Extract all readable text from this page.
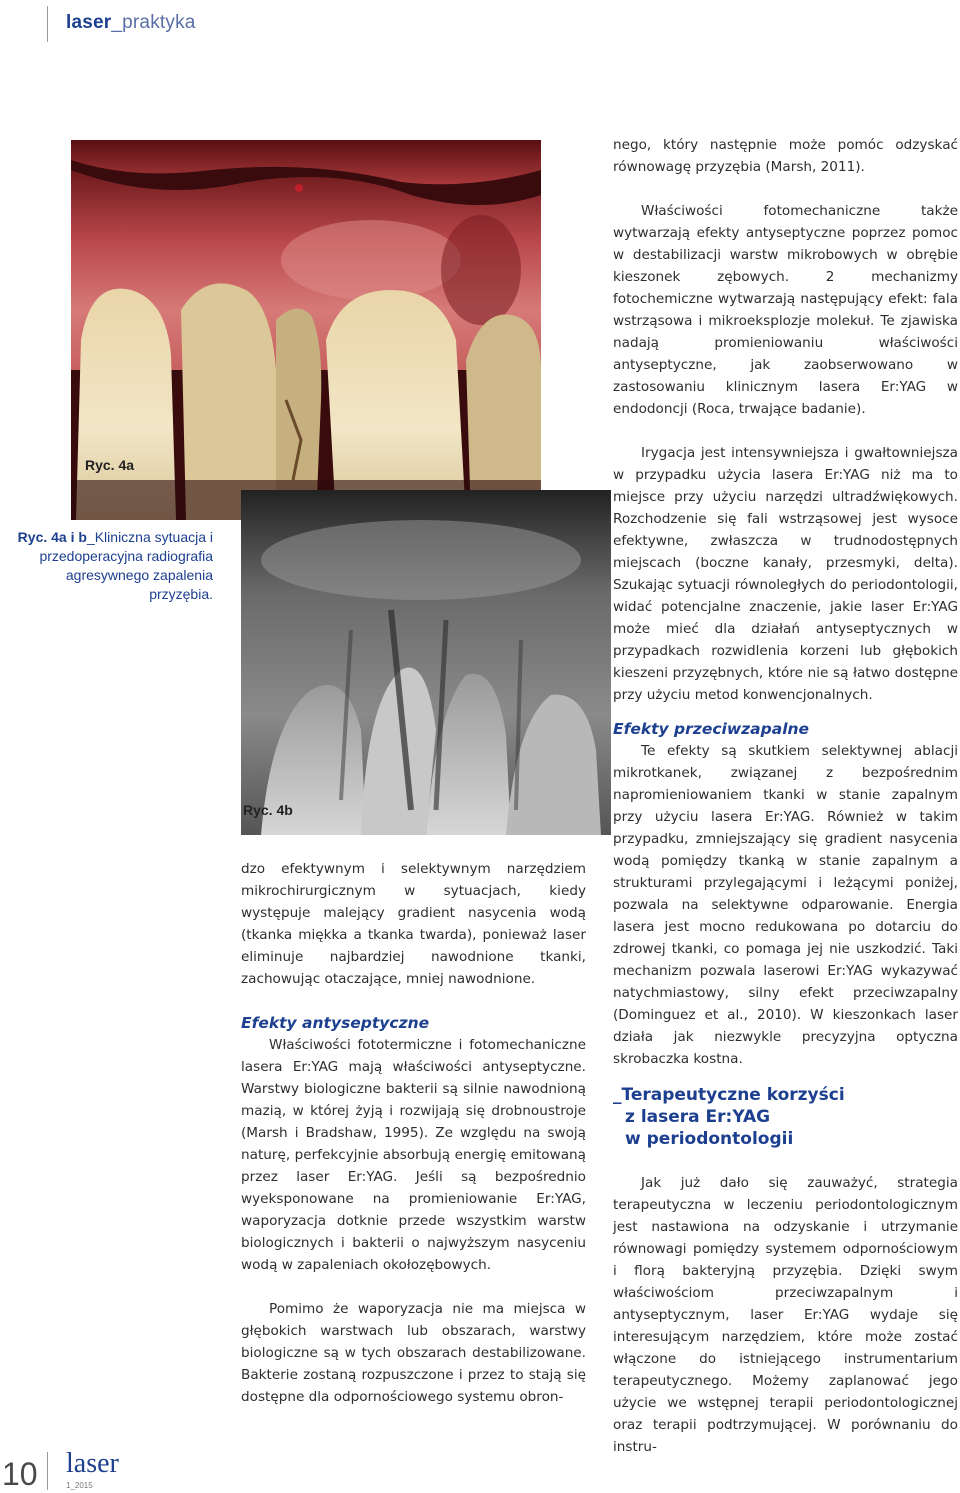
laser_praktyka
Ryc. 4a
Ryc. 4b
Ryc. 4a i b_Kliniczna sytuacja i przedoperacyjna radiografia agresywnego zapalenia przyzębia.

dzo efektywnym i selektywnym narzędziem mikrochirurgicznym w sytuacjach, kiedy występuje malejący gradient nasycenia wodą (tkanka miękka a tkanka twarda), ponieważ laser eliminuje najbardziej nawodnione tkanki, zachowując otaczające, mniej nawodnione.

Efekty antyseptyczne

Właściwości fototermiczne i fotomechaniczne lasera Er:YAG mają właściwości antyseptyczne. Warstwy biologiczne bakterii są silnie nawodnioną mazią, w której żyją i rozwijają się drobnoustroje (Marsh i Bradshaw, 1995). Ze względu na swoją naturę, perfekcyjnie absorbują energię emitowaną przez laser Er:YAG. Jeśli są bezpośrednio wyeksponowane na promieniowanie Er:YAG, waporyzacja dotknie przede wszystkim warstw biologicznych i bakterii o najwyższym nasyceniu wodą w zapaleniach okołozębowych.

Pomimo że waporyzacja nie ma miejsca w głębokich warstwach lub obszarach, warstwy biologiczne są w tych obszarach destabilizowane. Bakterie zostaną rozpuszczone i przez to stają się dostępne dla odpornościowego systemu obron-

nego, który następnie może pomóc odzyskać równowagę przyzębia (Marsh, 2011).

Właściwości fotomechaniczne także wytwarzają efekty antyseptyczne poprzez pomoc w destabilizacji warstw mikrobowych w obrębie kieszonek zębowych. 2 mechanizmy fotochemiczne wytwarzają następujący efekt: fala wstrząsowa i mikroeksplozje molekuł. Te zjawiska nadają promieniowaniu właściwości antyseptyczne, jak zaobserwowano w zastosowaniu klinicznym lasera Er:YAG w endodoncji (Roca, trwające badanie).

Irygacja jest intensywniejsza i gwałtowniejsza w przypadku użycia lasera Er:YAG niż ma to miejsce przy użyciu narzędzi ultradźwiękowych. Rozchodzenie się fali wstrząsowej jest wysoce efektywne, zwłaszcza w trudnodostępnych miejscach (boczne kanały, przesmyki, delta). Szukając sytuacji równoległych do periodontologii, widać potencjalne znaczenie, jakie laser Er:YAG może mieć dla działań antyseptycznych w przypadkach rozwidlenia korzeni lub głębokich kieszeni przyzębnych, które nie są łatwo dostępne przy użyciu metod konwencjonalnych.

Efekty przeciwzapalne

Te efekty są skutkiem selektywnej ablacji mikrotkanek, związanej z bezpośrednim napromieniowaniem tkanki w stanie zapalnym przy użyciu lasera Er:YAG. Również w takim przypadku, zmniejszający się gradient nasycenia wodą pomiędzy tkanką w stanie zapalnym a strukturami przylegającymi i leżącymi poniżej, pozwala na selektywne odparowanie. Energia lasera jest mocno redukowana po dotarciu do zdrowej tkanki, co pomaga jej nie uszkodzić. Taki mechanizm pozwala laserowi Er:YAG wykazywać natychmiastowy, silny efekt przeciwzapalny (Dominguez et al., 2010). W kieszonkach laser działa jak niezwykle precyzyjna optyczna skrobaczka kostna.

_Terapeutyczne korzyści

z lasera Er:YAG

w periodontologii

Jak już dało się zauważyć, strategia terapeutyczna w leczeniu periodontologicznym jest nastawiona na odzyskanie i utrzymanie równowagi pomiędzy systemem odpornościowym i florą bakteryjną przyzębia. Dzięki swym właściwościom przeciwzapalnym i antyseptycznym, laser Er:YAG wydaje się interesującym narzędziem, które może zostać włączone do istniejącego instrumentarium terapeutycznego. Możemy zaplanować jego użycie we wstępnej terapii periodontologicznej oraz terapii podtrzymującej. W porównaniu do instru-

10 laser
1_2015
